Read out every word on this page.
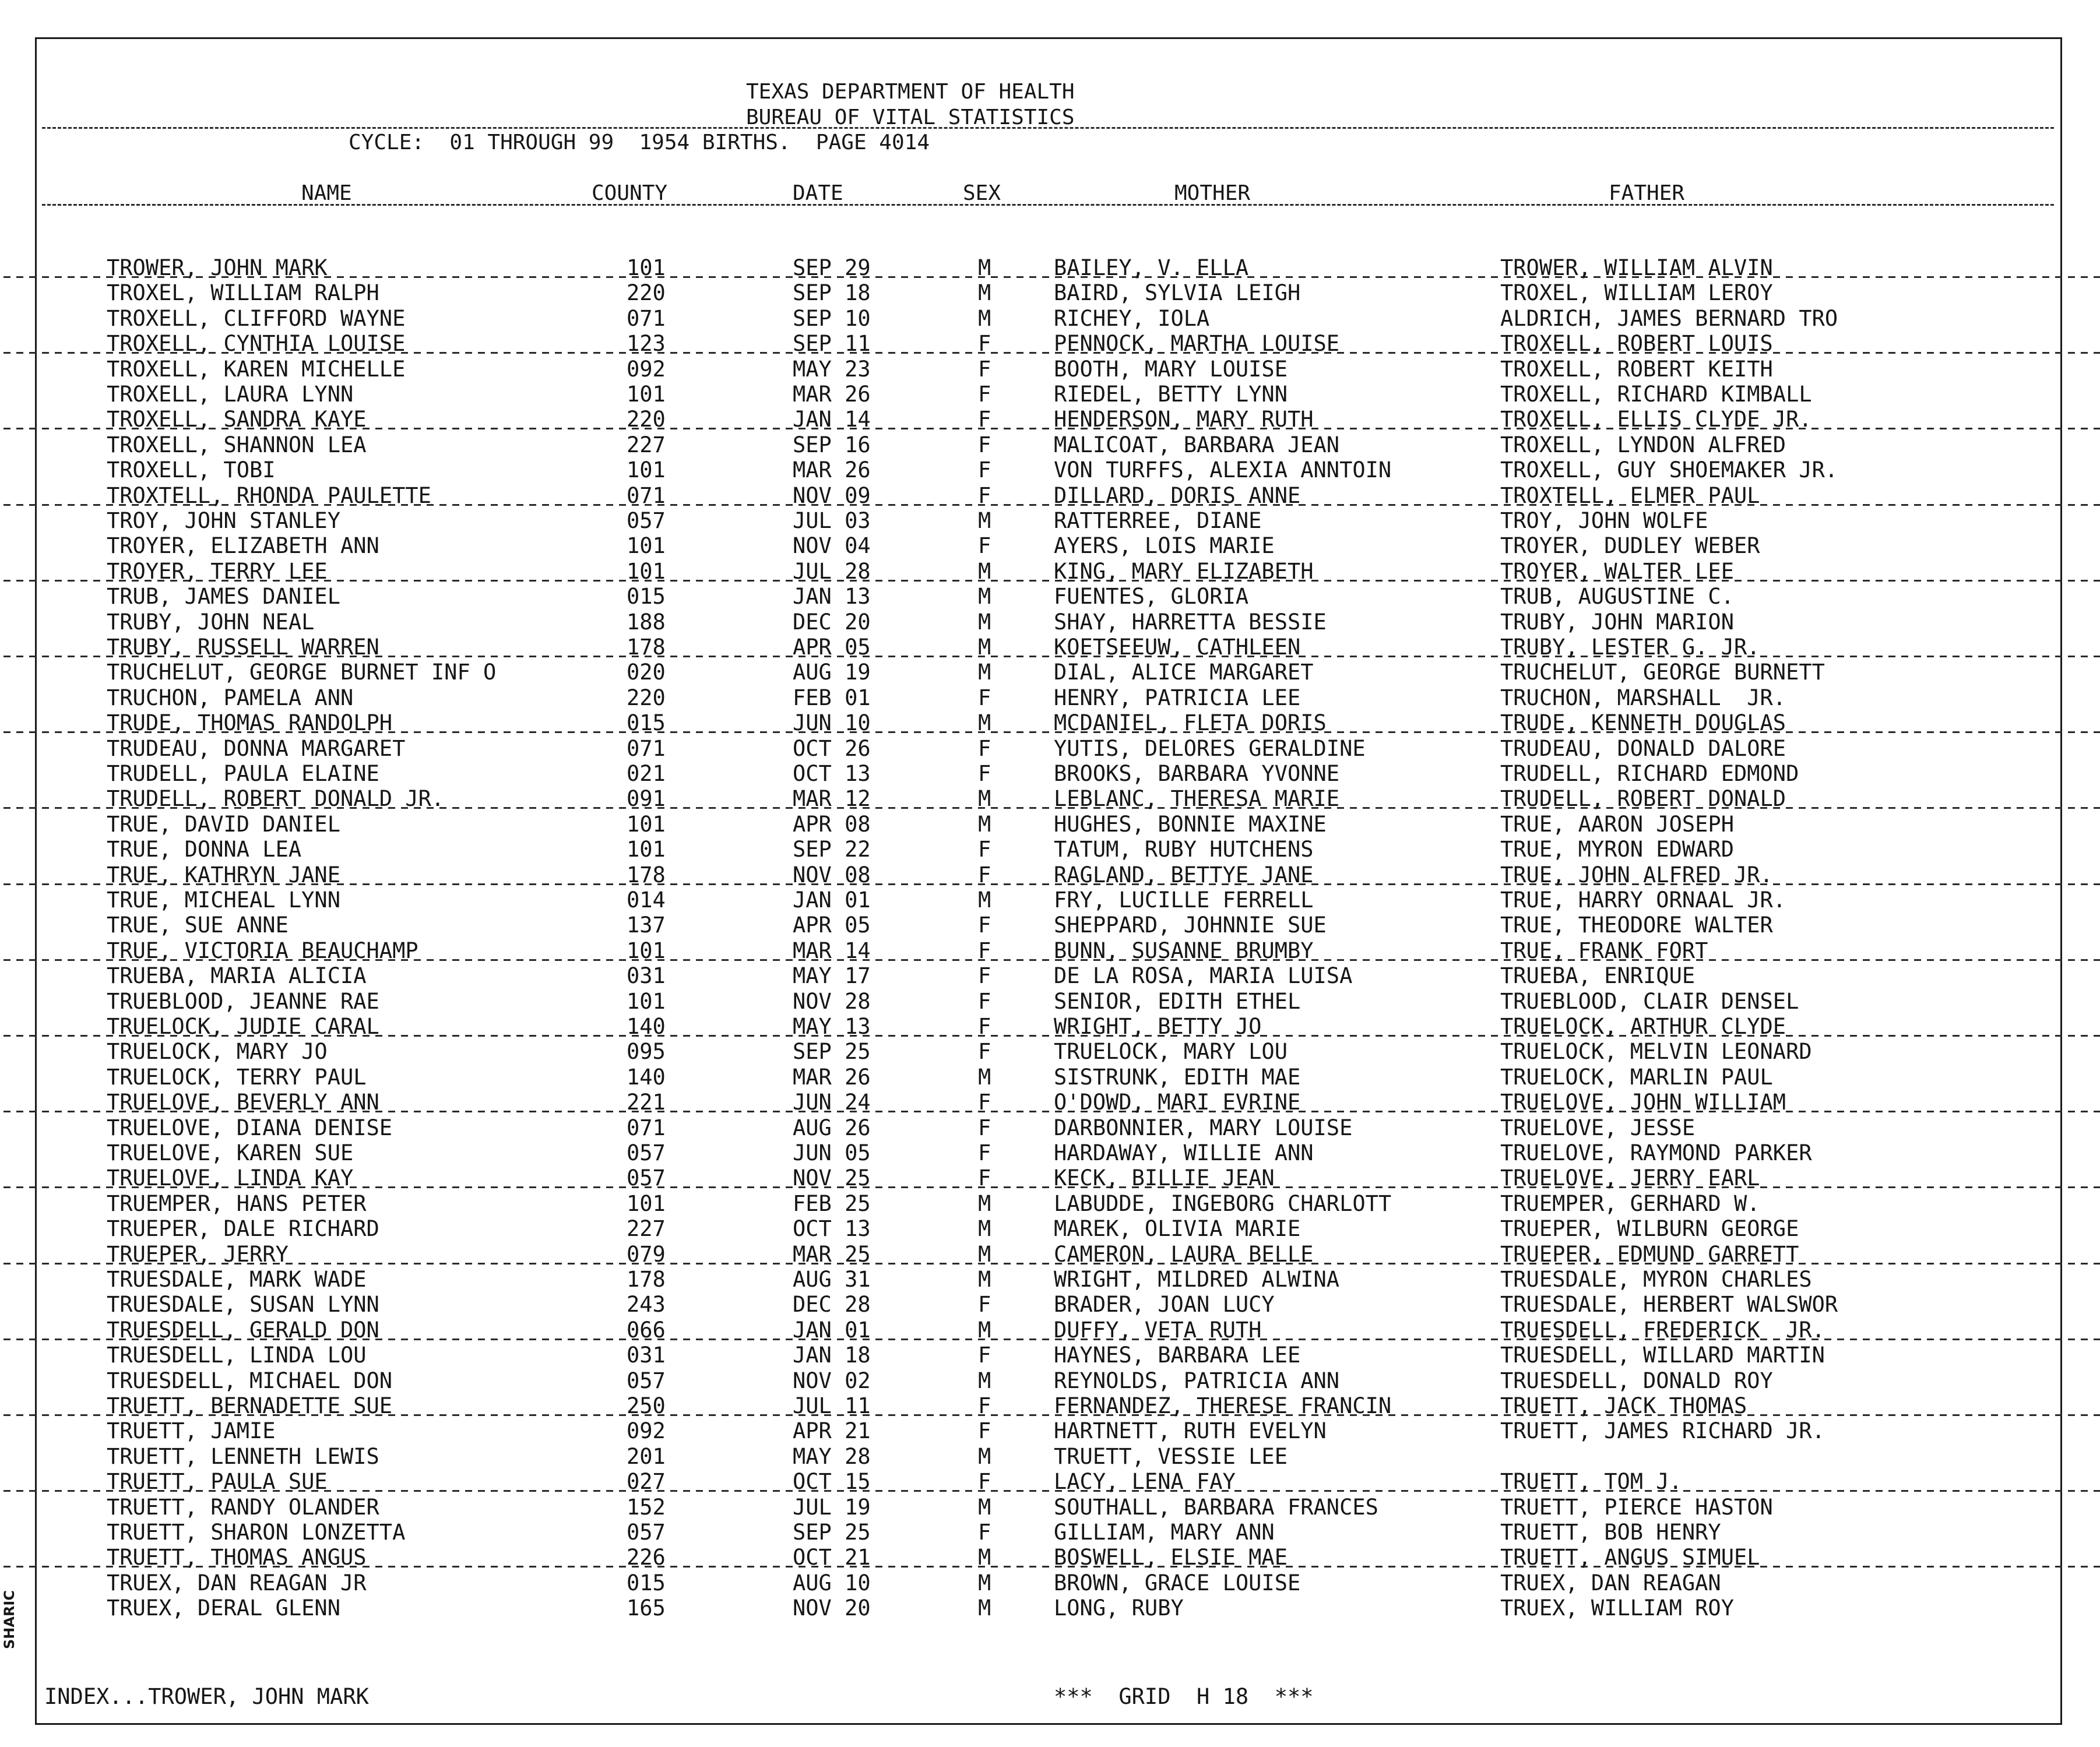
TEXAS DEPARTMENT OF HEALTH
BUREAU OF VITAL STATISTICS
CYCLE:  01 THROUGH 99  1954 BIRTHS.  PAGE 4014
NAME	COUNTY	DATE	SEX	MOTHER	FATHER
TROWER, JOHN MARK	101	SEP 29	M	BAILEY, V. ELLA	TROWER, WILLIAM ALVIN
TROXEL, WILLIAM RALPH	220	SEP 18	M	BAIRD, SYLVIA LEIGH	TROXEL, WILLIAM LEROY
TROXELL, CLIFFORD WAYNE	071	SEP 10	M	RICHEY, IOLA	ALDRICH, JAMES BERNARD TRO
TROXELL, CYNTHIA LOUISE	123	SEP 11	F	PENNOCK, MARTHA LOUISE	TROXELL, ROBERT LOUIS
TROXELL, KAREN MICHELLE	092	MAY 23	F	BOOTH, MARY LOUISE	TROXELL, ROBERT KEITH
TROXELL, LAURA LYNN	101	MAR 26	F	RIEDEL, BETTY LYNN	TROXELL, RICHARD KIMBALL
TROXELL, SANDRA KAYE	220	JAN 14	F	HENDERSON, MARY RUTH	TROXELL, ELLIS CLYDE JR.
TROXELL, SHANNON LEA	227	SEP 16	F	MALICOAT, BARBARA JEAN	TROXELL, LYNDON ALFRED
TROXELL, TOBI	101	MAR 26	F	VON TURFFS, ALEXIA ANNTOIN	TROXELL, GUY SHOEMAKER JR.
TROXTELL, RHONDA PAULETTE	071	NOV 09	F	DILLARD, DORIS ANNE	TROXTELL, ELMER PAUL
TROY, JOHN STANLEY	057	JUL 03	M	RATTERREE, DIANE	TROY, JOHN WOLFE
TROYER, ELIZABETH ANN	101	NOV 04	F	AYERS, LOIS MARIE	TROYER, DUDLEY WEBER
TROYER, TERRY LEE	101	JUL 28	M	KING, MARY ELIZABETH	TROYER, WALTER LEE
TRUB, JAMES DANIEL	015	JAN 13	M	FUENTES, GLORIA	TRUB, AUGUSTINE C.
TRUBY, JOHN NEAL	188	DEC 20	M	SHAY, HARRETTA BESSIE	TRUBY, JOHN MARION
TRUBY, RUSSELL WARREN	178	APR 05	M	KOETSEEUW, CATHLEEN	TRUBY, LESTER G. JR.
TRUCHELUT, GEORGE BURNET INF O	020	AUG 19	M	DIAL, ALICE MARGARET	TRUCHELUT, GEORGE BURNETT
TRUCHON, PAMELA ANN	220	FEB 01	F	HENRY, PATRICIA LEE	TRUCHON, MARSHALL  JR.
TRUDE, THOMAS RANDOLPH	015	JUN 10	M	MCDANIEL, FLETA DORIS	TRUDE, KENNETH DOUGLAS
TRUDEAU, DONNA MARGARET	071	OCT 26	F	YUTIS, DELORES GERALDINE	TRUDEAU, DONALD DALORE
TRUDELL, PAULA ELAINE	021	OCT 13	F	BROOKS, BARBARA YVONNE	TRUDELL, RICHARD EDMOND
TRUDELL, ROBERT DONALD JR.	091	MAR 12	M	LEBLANC, THERESA MARIE	TRUDELL, ROBERT DONALD
TRUE, DAVID DANIEL	101	APR 08	M	HUGHES, BONNIE MAXINE	TRUE, AARON JOSEPH
TRUE, DONNA LEA	101	SEP 22	F	TATUM, RUBY HUTCHENS	TRUE, MYRON EDWARD
TRUE, KATHRYN JANE	178	NOV 08	F	RAGLAND, BETTYE JANE	TRUE, JOHN ALFRED JR.
TRUE, MICHEAL LYNN	014	JAN 01	M	FRY, LUCILLE FERRELL	TRUE, HARRY ORNAAL JR.
TRUE, SUE ANNE	137	APR 05	F	SHEPPARD, JOHNNIE SUE	TRUE, THEODORE WALTER
TRUE, VICTORIA BEAUCHAMP	101	MAR 14	F	BUNN, SUSANNE BRUMBY	TRUE, FRANK FORT
TRUEBA, MARIA ALICIA	031	MAY 17	F	DE LA ROSA, MARIA LUISA	TRUEBA, ENRIQUE
TRUEBLOOD, JEANNE RAE	101	NOV 28	F	SENIOR, EDITH ETHEL	TRUEBLOOD, CLAIR DENSEL
TRUELOCK, JUDIE CARAL	140	MAY 13	F	WRIGHT, BETTY JO	TRUELOCK, ARTHUR CLYDE
TRUELOCK, MARY JO	095	SEP 25	F	TRUELOCK, MARY LOU	TRUELOCK, MELVIN LEONARD
TRUELOCK, TERRY PAUL	140	MAR 26	M	SISTRUNK, EDITH MAE	TRUELOCK, MARLIN PAUL
TRUELOVE, BEVERLY ANN	221	JUN 24	F	O'DOWD, MARI EVRINE	TRUELOVE, JOHN WILLIAM
TRUELOVE, DIANA DENISE	071	AUG 26	F	DARBONNIER, MARY LOUISE	TRUELOVE, JESSE
TRUELOVE, KAREN SUE	057	JUN 05	F	HARDAWAY, WILLIE ANN	TRUELOVE, RAYMOND PARKER
TRUELOVE, LINDA KAY	057	NOV 25	F	KECK, BILLIE JEAN	TRUELOVE, JERRY EARL
TRUEMPER, HANS PETER	101	FEB 25	M	LABUDDE, INGEBORG CHARLOTT	TRUEMPER, GERHARD W.
TRUEPER, DALE RICHARD	227	OCT 13	M	MAREK, OLIVIA MARIE	TRUEPER, WILBURN GEORGE
TRUEPER, JERRY	079	MAR 25	M	CAMERON, LAURA BELLE	TRUEPER, EDMUND GARRETT
TRUESDALE, MARK WADE	178	AUG 31	M	WRIGHT, MILDRED ALWINA	TRUESDALE, MYRON CHARLES
TRUESDALE, SUSAN LYNN	243	DEC 28	F	BRADER, JOAN LUCY	TRUESDALE, HERBERT WALSWOR
TRUESDELL, GERALD DON	066	JAN 01	M	DUFFY, VETA RUTH	TRUESDELL, FREDERICK  JR.
TRUESDELL, LINDA LOU	031	JAN 18	F	HAYNES, BARBARA LEE	TRUESDELL, WILLARD MARTIN
TRUESDELL, MICHAEL DON	057	NOV 02	M	REYNOLDS, PATRICIA ANN	TRUESDELL, DONALD ROY
TRUETT, BERNADETTE SUE	250	JUL 11	F	FERNANDEZ, THERESE FRANCIN	TRUETT, JACK THOMAS
TRUETT, JAMIE	092	APR 21	F	HARTNETT, RUTH EVELYN	TRUETT, JAMES RICHARD JR.
TRUETT, LENNETH LEWIS	201	MAY 28	M	TRUETT, VESSIE LEE
TRUETT, PAULA SUE	027	OCT 15	F	LACY, LENA FAY	TRUETT, TOM J.
TRUETT, RANDY OLANDER	152	JUL 19	M	SOUTHALL, BARBARA FRANCES	TRUETT, PIERCE HASTON
TRUETT, SHARON LONZETTA	057	SEP 25	F	GILLIAM, MARY ANN	TRUETT, BOB HENRY
TRUETT, THOMAS ANGUS	226	OCT 21	M	BOSWELL, ELSIE MAE	TRUETT, ANGUS SIMUEL
TRUEX, DAN REAGAN JR	015	AUG 10	M	BROWN, GRACE LOUISE	TRUEX, DAN REAGAN
TRUEX, DERAL GLENN	165	NOV 20	M	LONG, RUBY	TRUEX, WILLIAM ROY
INDEX...TROWER, JOHN MARK	***  GRID  H 18  ***
SHARIC
